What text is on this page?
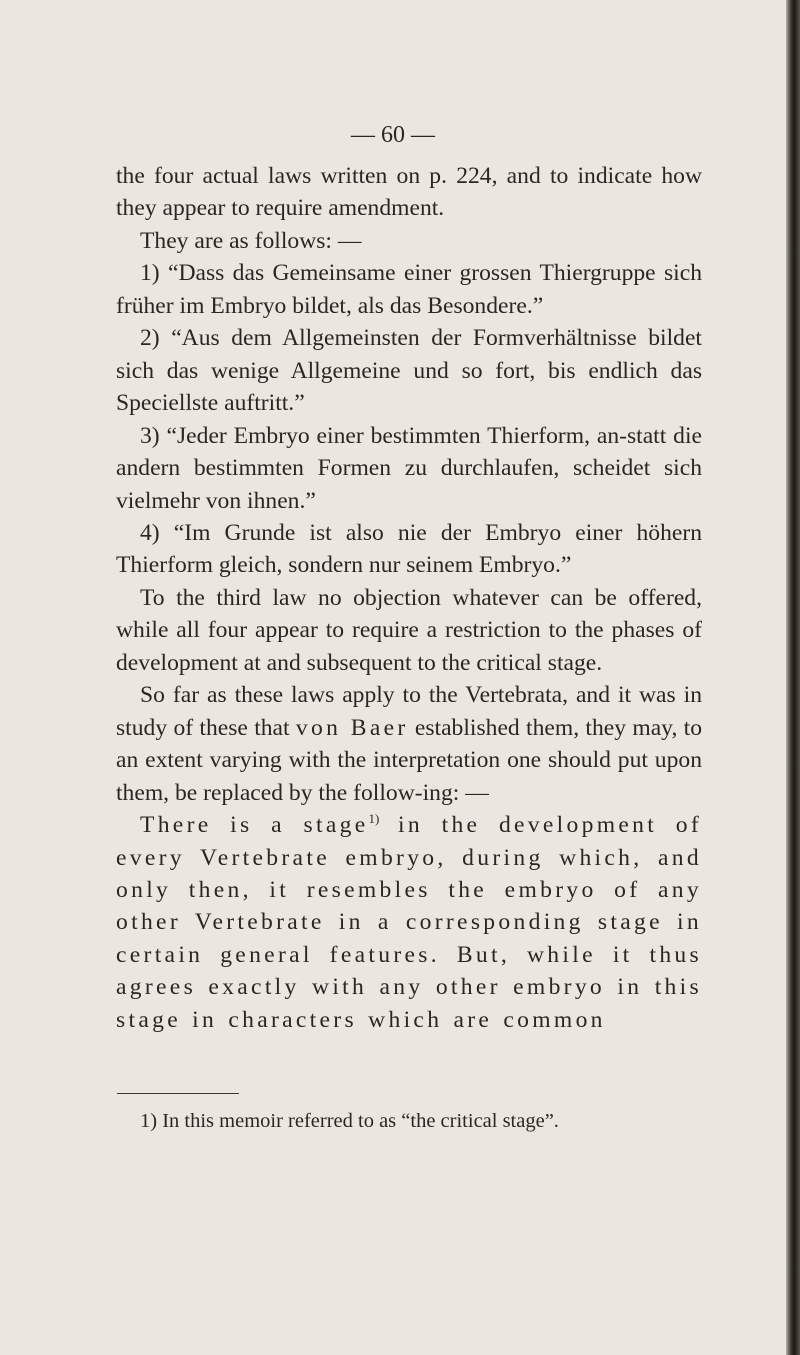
— 60 —

the four actual laws written on p. 224, and to indicate how they appear to require amendment.

They are as follows: —

1) “Dass das Gemeinsame einer grossen Thiergruppe sich früher im Embryo bildet, als das Besondere.”

2) “Aus dem Allgemeinsten der Formverhältnisse bildet sich das wenige Allgemeine und so fort, bis endlich das Speciellste auftritt.”

3) “Jeder Embryo einer bestimmten Thierform, an-statt die andern bestimmten Formen zu durchlaufen, scheidet sich vielmehr von ihnen.”

4) “Im Grunde ist also nie der Embryo einer höhern Thierform gleich, sondern nur seinem Embryo.”

To the third law no objection whatever can be offered, while all four appear to require a restriction to the phases of development at and subsequent to the critical stage.

So far as these laws apply to the Vertebrata, and it was in study of these that von Baer established them, they may, to an extent varying with the interpretation one should put upon them, be replaced by the follow-ing: —

There is a stage$^{1)}$ in the development of every Vertebrate embryo, during which, and only then, it resembles the embryo of any other Vertebrate in a corresponding stage in certain general features. But, while it thus agrees exactly with any other embryo in this stage in characters which are common

1) In this memoir referred to as “the critical stage”.
